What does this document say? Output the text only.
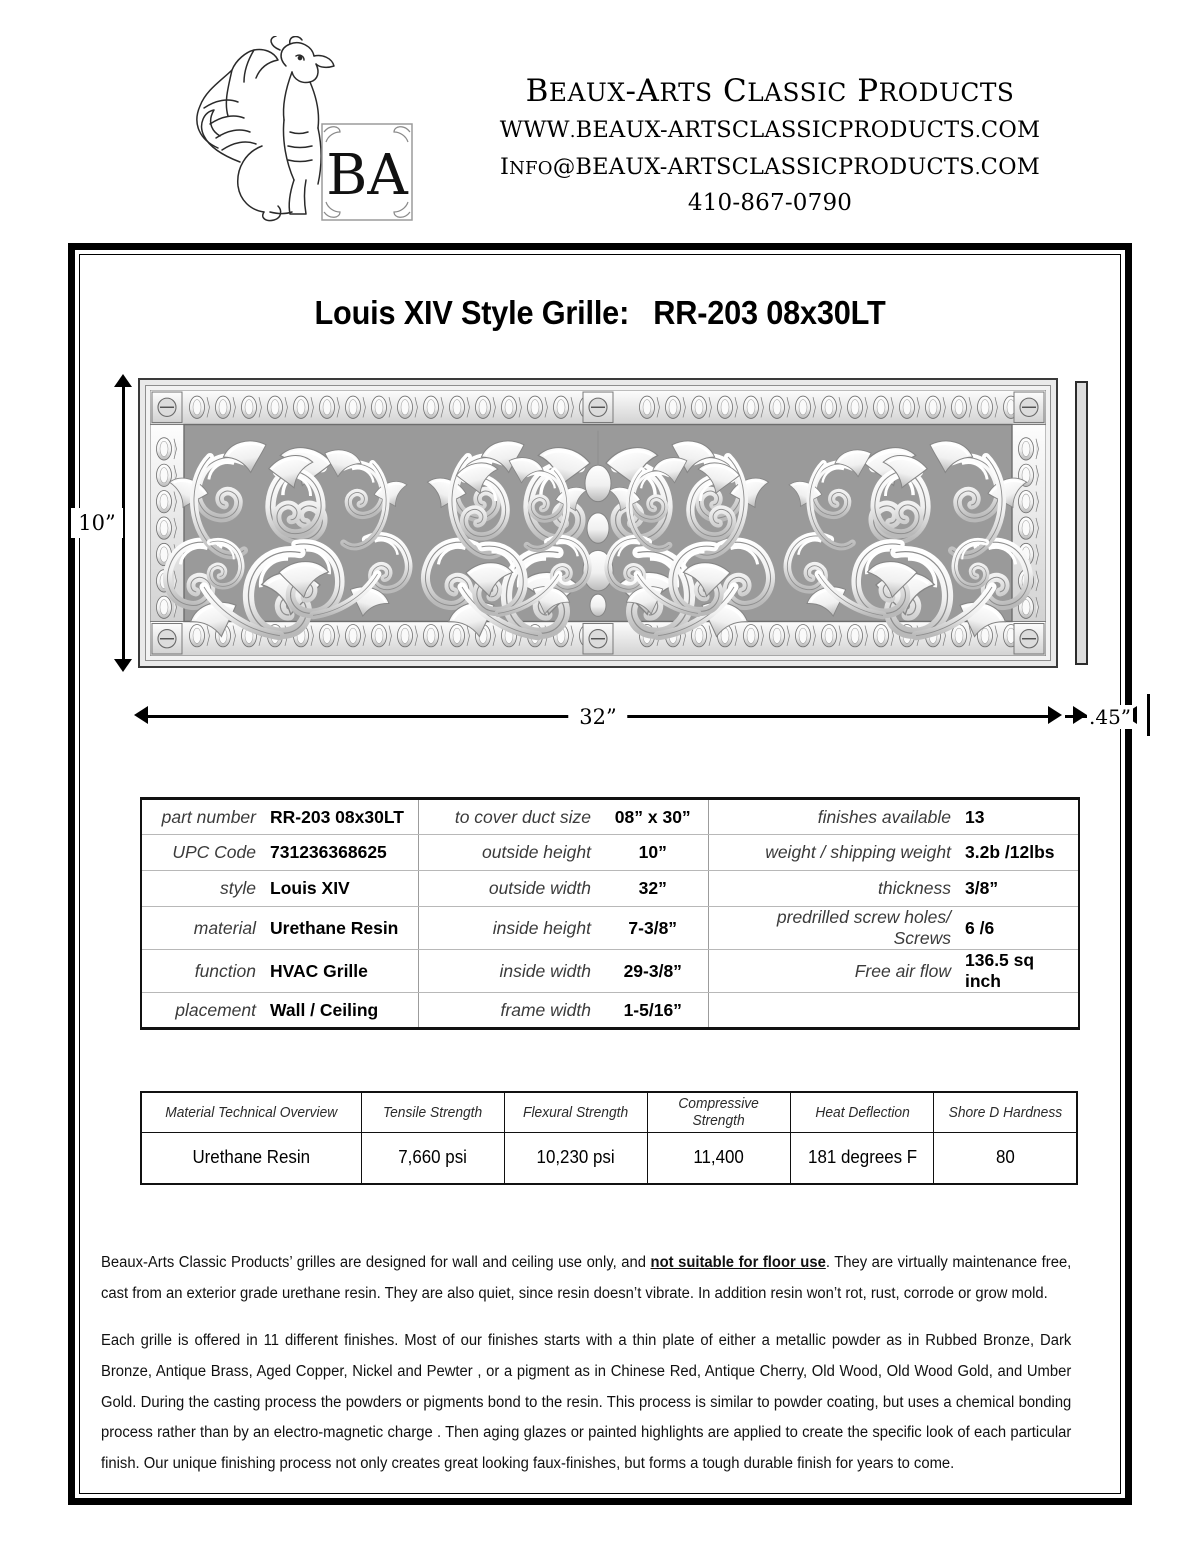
BA
BEAUX-ARTS CLASSIC PRODUCTS
WWW.BEAUX-ARTSCLASSICPRODUCTS.COM
INFO@BEAUX-ARTSCLASSICPRODUCTS.COM
410-867-0790
Louis XIV Style Grille: RR-203 08x30LT
10”
32”	.45”
part number	RR-203 08x30LT	to cover duct size	08” x 30”	finishes available	13
UPC Code	731236368625	outside height	10”	weight / shipping weight	3.2b /12lbs
style	Louis XIV	outside width	32”	thickness	3/8”
material	Urethane Resin	inside height	7-3/8”	predrilled screw holes/ Screws	6 /6
function	HVAC Grille	inside width	29-3/8”	Free air flow	136.5 sq inch
placement	Wall / Ceiling	frame width	1-5/16”		
Material Technical Overview	Tensile Strength	Flexural Strength	Compressive Strength	Heat Deflection	Shore D Hardness
Urethane Resin	7,660 psi	10,230 psi	11,400	181 degrees F	80

Beaux-Arts Classic Products’ grilles are designed for wall and ceiling use only, and not suitable for floor use. They are virtually maintenance free, cast from an exterior grade urethane resin. They are also quiet, since resin doesn’t vibrate. In addition resin won’t rot, rust, corrode or grow mold.

Each grille is offered in 11 different finishes. Most of our finishes starts with a thin plate of either a metallic powder as in Rubbed Bronze, Dark Bronze, Antique Brass, Aged Copper, Nickel and Pewter , or a pigment as in Chinese Red, Antique Cherry, Old Wood, Old Wood Gold, and Umber Gold. During the casting process the powders or pigments bond to the resin. This process is similar to powder coating, but uses a chemical bonding process rather than by an electro-magnetic charge . Then aging glazes or painted highlights are applied to create the specific look of each particular finish. Our unique finishing process not only creates great looking faux-finishes, but forms a tough durable finish for years to come.
